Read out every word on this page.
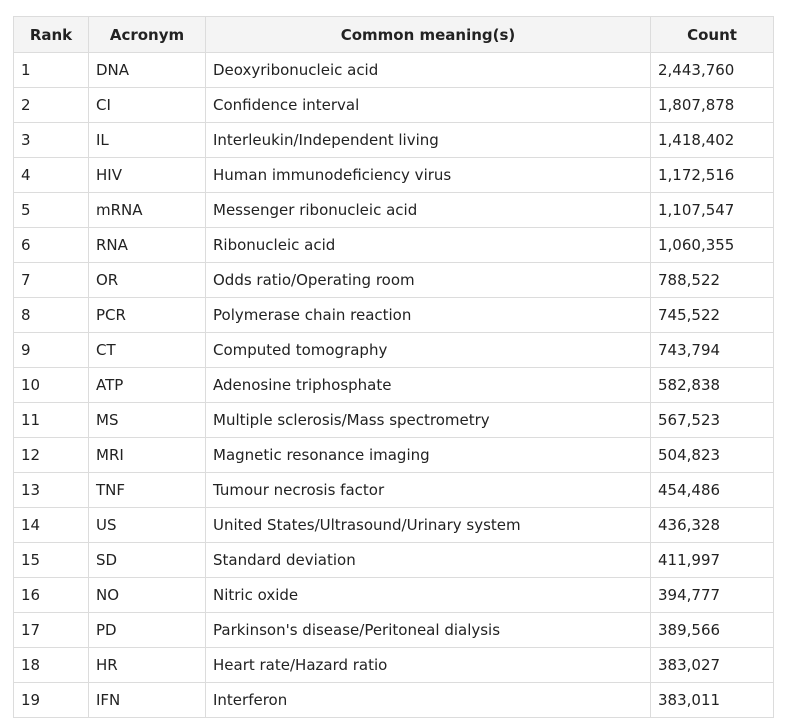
Rank	Acronym	Common meaning(s)	Count
1	DNA	Deoxyribonucleic acid	2,443,760
2	CI	Confidence interval	1,807,878
3	IL	Interleukin/Independent living	1,418,402
4	HIV	Human immunodeficiency virus	1,172,516
5	mRNA	Messenger ribonucleic acid	1,107,547
6	RNA	Ribonucleic acid	1,060,355
7	OR	Odds ratio/Operating room	788,522
8	PCR	Polymerase chain reaction	745,522
9	CT	Computed tomography	743,794
10	ATP	Adenosine triphosphate	582,838
11	MS	Multiple sclerosis/Mass spectrometry	567,523
12	MRI	Magnetic resonance imaging	504,823
13	TNF	Tumour necrosis factor	454,486
14	US	United States/Ultrasound/Urinary system	436,328
15	SD	Standard deviation	411,997
16	NO	Nitric oxide	394,777
17	PD	Parkinson's disease/Peritoneal dialysis	389,566
18	HR	Heart rate/Hazard ratio	383,027
19	IFN	Interferon	383,011
